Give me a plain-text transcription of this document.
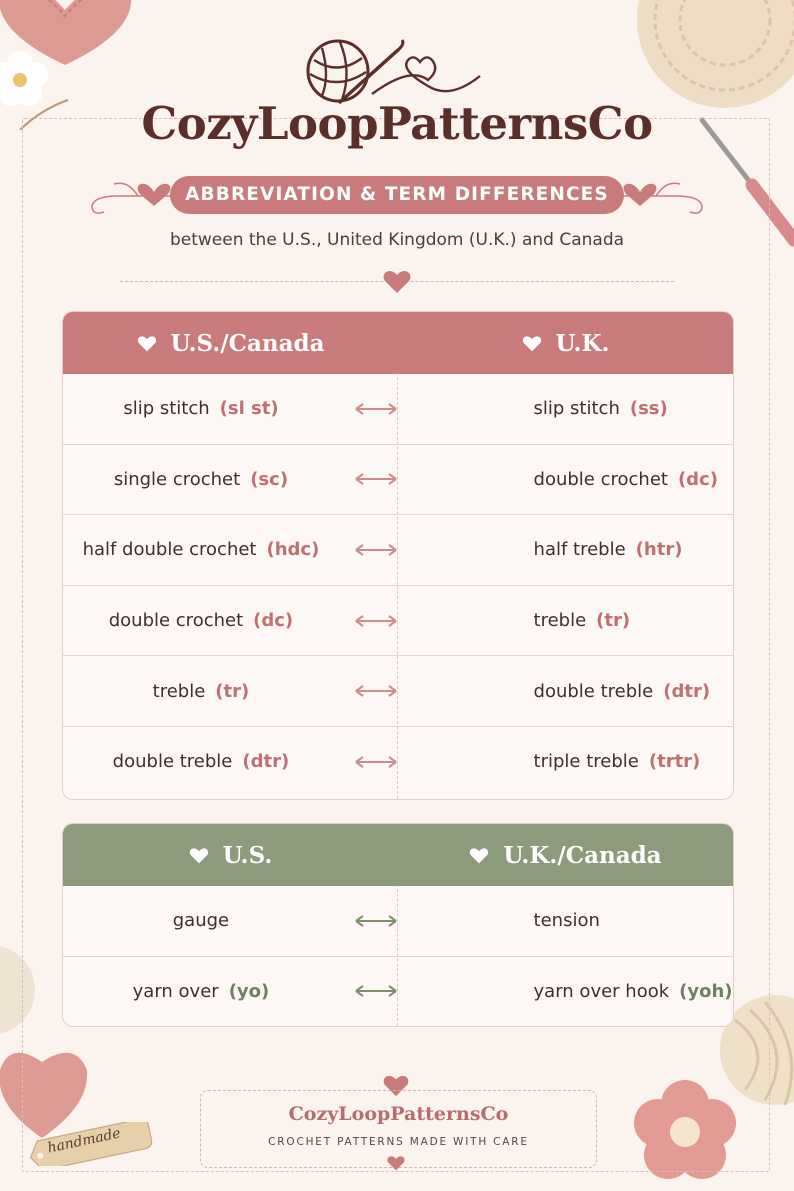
CozyLoopPatternsCo
ABBREVIATION & TERM DIFFERENCES
between the U.S., United Kingdom (U.K.) and Canada
U.S./Canada	U.K.
slip stitch (sl st)	slip stitch (ss)
single crochet (sc)	double crochet (dc)
half double crochet (hdc)	half treble (htr)
double crochet (dc)	treble (tr)
treble (tr)	double treble (dtr)
double treble (dtr)	triple treble (trtr)
U.S.	U.K./Canada
gauge	tension
yarn over (yo)	yarn over hook (yoh)
CozyLoopPatternsCo
CROCHET PATTERNS MADE WITH CARE
handmade
